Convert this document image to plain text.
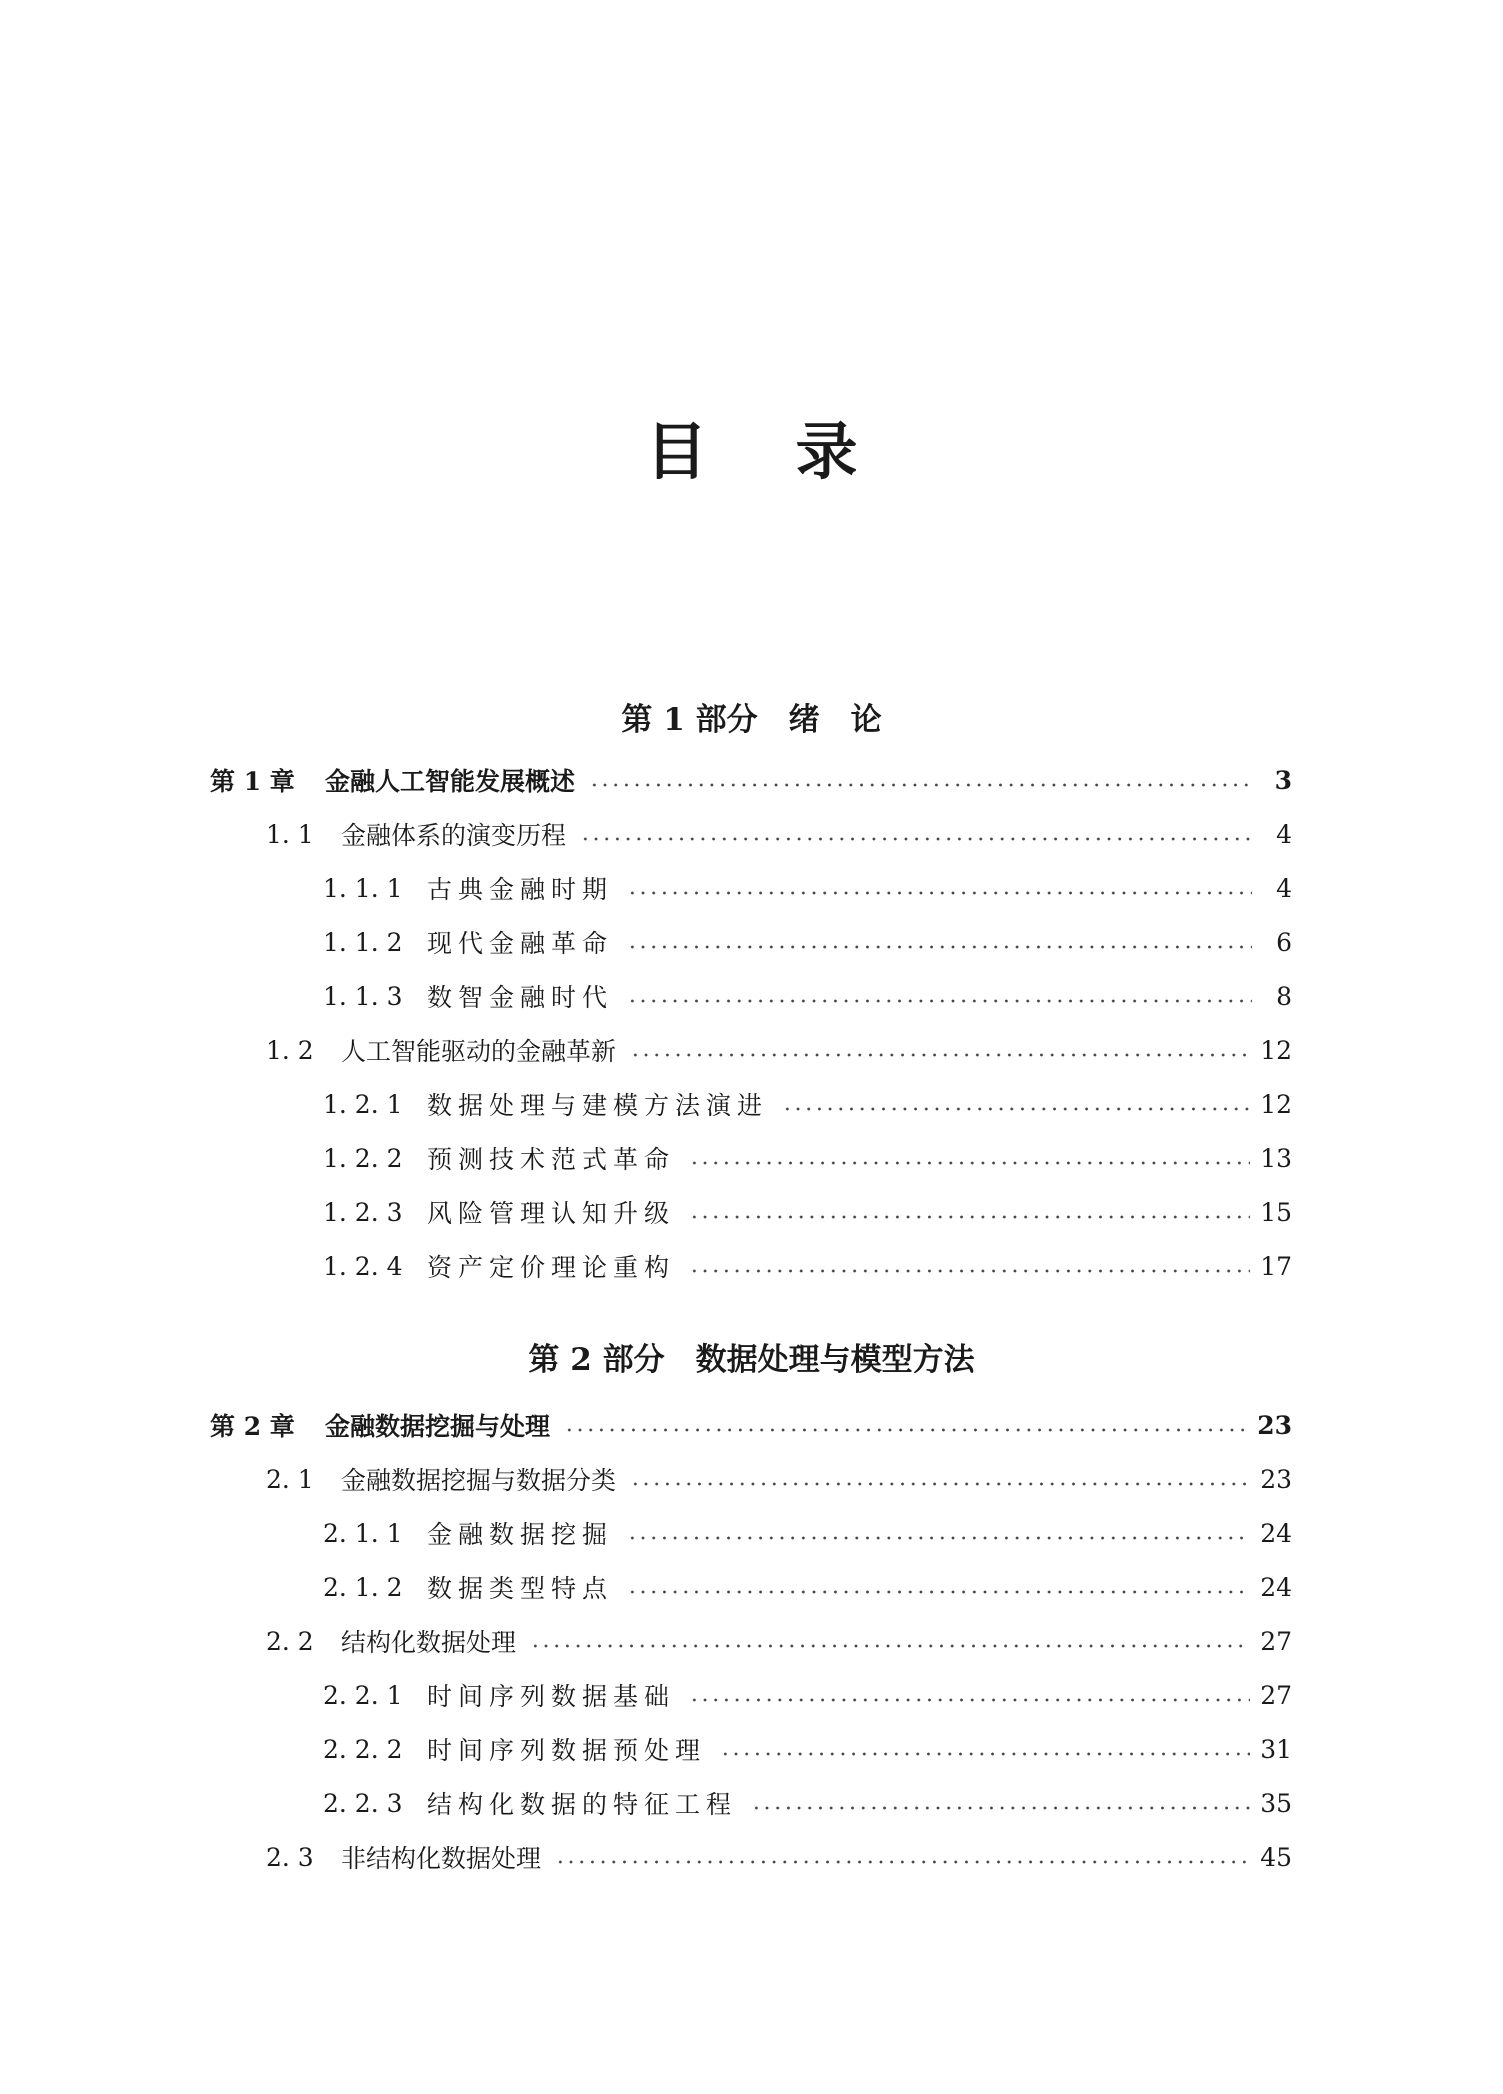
目 录
第 1 部分　绪　论
第 1 章	金融人工智能发展概述	3
1. 1	金融体系的演变历程	4
1. 1. 1 古典金融时期	4
1. 1. 2 现代金融革命	6
1. 1. 3 数智金融时代	8
1. 2	人工智能驱动的金融革新	12
1. 2. 1 数据处理与建模方法演进	12
1. 2. 2 预测技术范式革命	13
1. 2. 3 风险管理认知升级	15
1. 2. 4 资产定价理论重构	17
第 2 部分　数据处理与模型方法
第 2 章	金融数据挖掘与处理	23
2. 1	金融数据挖掘与数据分类	23
2. 1. 1 金融数据挖掘	24
2. 1. 2 数据类型特点	24
2. 2	结构化数据处理	27
2. 2. 1 时间序列数据基础	27
2. 2. 2 时间序列数据预处理	31
2. 2. 3 结构化数据的特征工程	35
2. 3	非结构化数据处理	45
